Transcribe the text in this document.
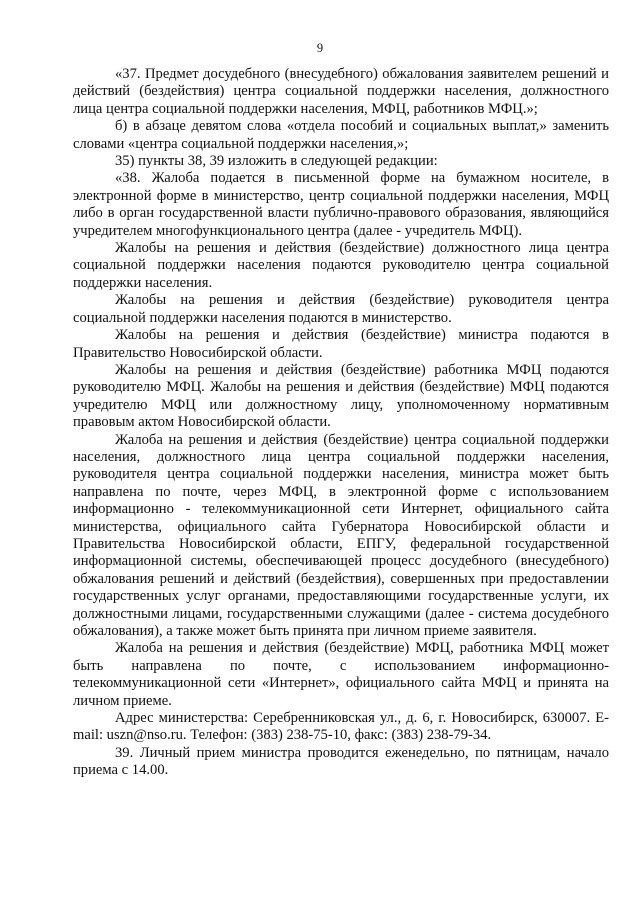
9

«37. Предмет досудебного (внесудебного) обжалования заявителем решений и действий (бездействия) центра социальной поддержки населения, должностного лица центра социальной поддержки населения, МФЦ, работников МФЦ.»;

б) в абзаце девятом слова «отдела пособий и социальных выплат,» заменить словами «центра социальной поддержки населения,»;

35) пункты 38, 39 изложить в следующей редакции:

«38. Жалоба подается в письменной форме на бумажном носителе, в электронной форме в министерство, центр социальной поддержки населения, МФЦ либо в орган государственной власти публично-правового образования, являющийся учредителем многофункционального центра (далее - учредитель МФЦ).

Жалобы на решения и действия (бездействие) должностного лица центра социальной поддержки населения подаются руководителю центра социальной поддержки населения.

Жалобы на решения и действия (бездействие) руководителя центра социальной поддержки населения подаются в министерство.

Жалобы на решения и действия (бездействие) министра подаются в Правительство Новосибирской области.

Жалобы на решения и действия (бездействие) работника МФЦ подаются руководителю МФЦ. Жалобы на решения и действия (бездействие) МФЦ подаются учредителю МФЦ или должностному лицу, уполномоченному нормативным правовым актом Новосибирской области.

Жалоба на решения и действия (бездействие) центра социальной поддержки населения, должностного лица центра социальной поддержки населения, руководителя центра социальной поддержки населения, министра может быть направлена по почте, через МФЦ, в электронной форме с использованием информационно - телекоммуникационной сети Интернет, официального сайта министерства, официального сайта Губернатора Новосибирской области и Правительства Новосибирской области, ЕПГУ, федеральной государственной информационной системы, обеспечивающей процесс досудебного (внесудебного) обжалования решений и действий (бездействия), совершенных при предоставлении государственных услуг органами, предоставляющими государственные услуги, их должностными лицами, государственными служащими (далее - система досудебного обжалования), а также может быть принята при личном приеме заявителя.

Жалоба на решения и действия (бездействие) МФЦ, работника МФЦ может быть направлена по почте, с использованием информационно-телекоммуникационной сети «Интернет», официального сайта МФЦ и принята на личном приеме.

Адрес министерства: Серебренниковская ул., д. 6, г. Новосибирск, 630007. E-mail: uszn@nso.ru. Телефон: (383) 238-75-10, факс: (383) 238-79-34.

39. Личный прием министра проводится еженедельно, по пятницам, начало приема с 14.00.
